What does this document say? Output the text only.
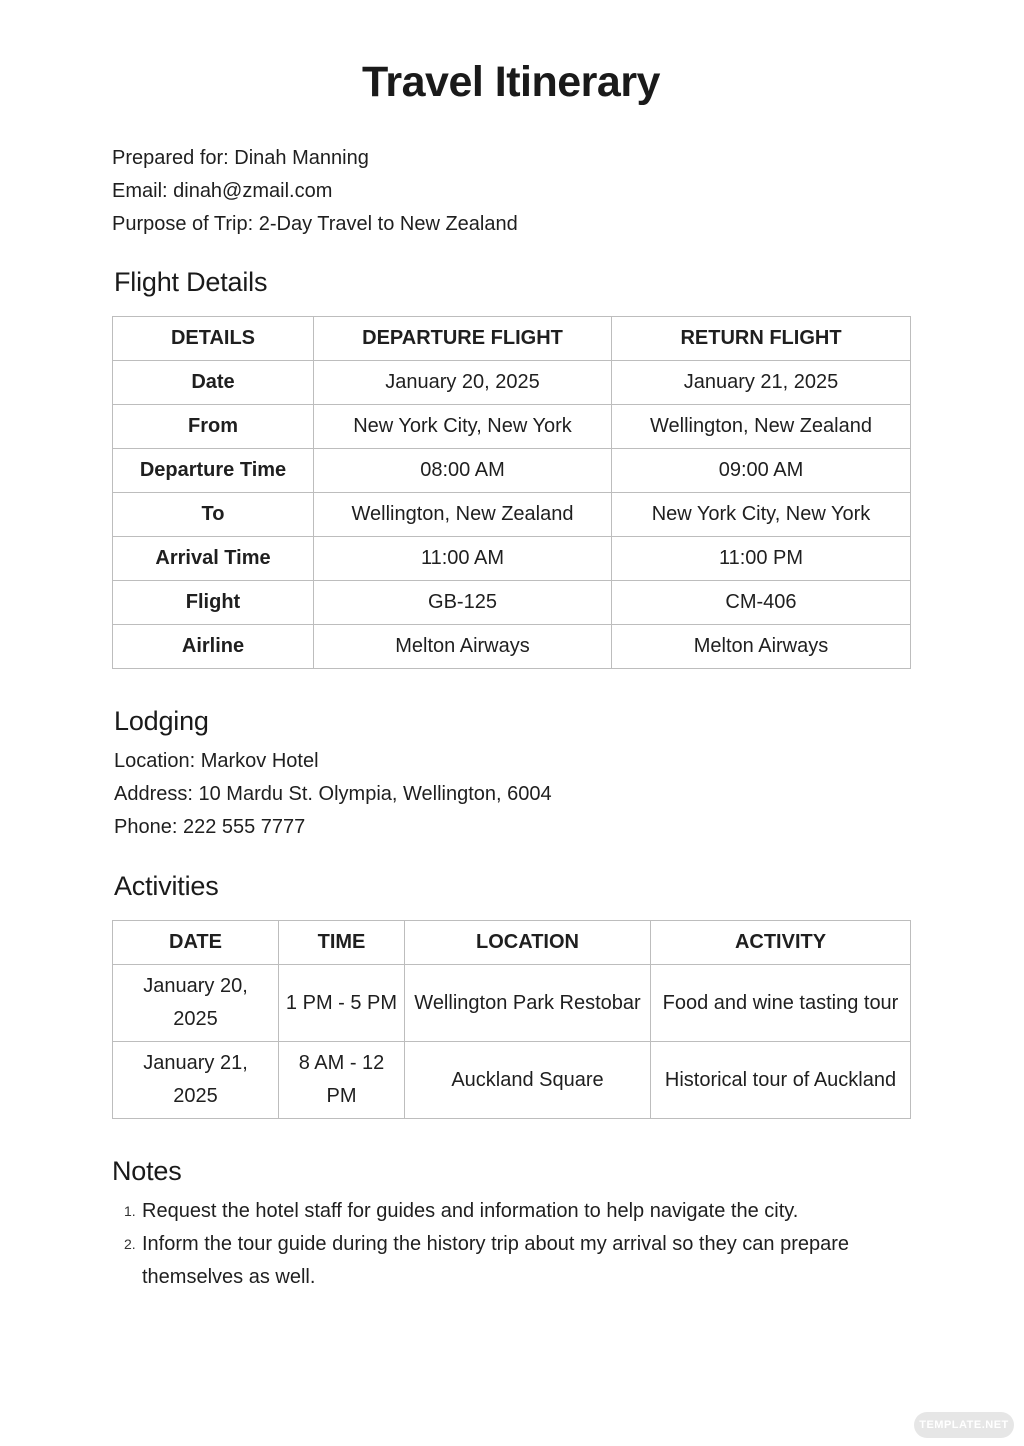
Travel Itinerary
Prepared for: Dinah Manning
Email: dinah@zmail.com
Purpose of Trip: 2-Day Travel to New Zealand
Flight Details
DETAILS	DEPARTURE FLIGHT	RETURN FLIGHT
Date	January 20, 2025	January 21, 2025
From	New York City, New York	Wellington, New Zealand
Departure Time	08:00 AM	09:00 AM
To	Wellington, New Zealand	New York City, New York
Arrival Time	11:00 AM	11:00 PM
Flight	GB-125	CM-406
Airline	Melton Airways	Melton Airways
Lodging
Location: Markov Hotel
Address: 10 Mardu St. Olympia, Wellington, 6004
Phone: 222 555 7777
Activities
DATE	TIME	LOCATION	ACTIVITY
January 20, 2025	1 PM - 5 PM	Wellington Park Restobar	Food and wine tasting tour
January 21, 2025	8 AM - 12 PM	Auckland Square	Historical tour of Auckland
Notes
1. Request the hotel staff for guides and information to help navigate the city.
2. Inform the tour guide during the history trip about my arrival so they can prepare themselves as well.
TEMPLATE.NET
